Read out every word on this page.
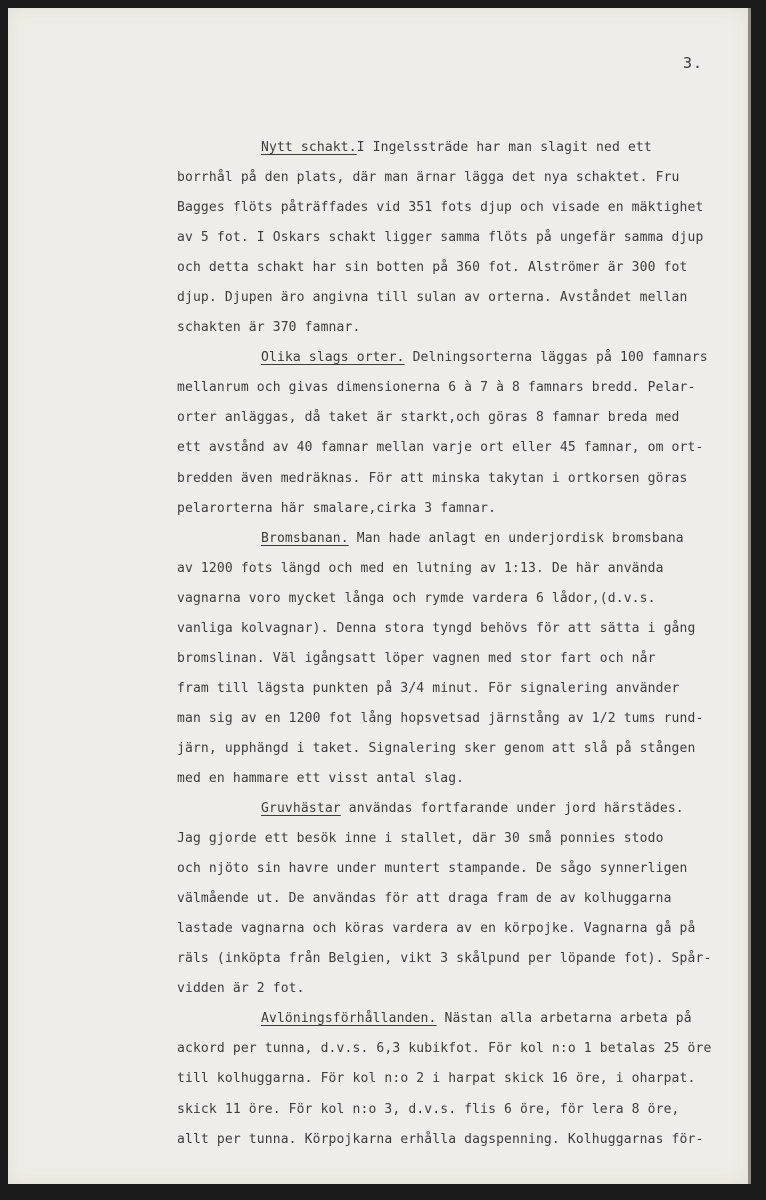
3.
Nytt schakt.I Ingelssträde har man slagit ned ett
borrhål på den plats, där man ärnar lägga det nya schaktet. Fru
Bagges flöts påträffades vid 351 fots djup och visade en mäktighet
av 5 fot. I Oskars schakt ligger samma flöts på ungefär samma djup
och detta schakt har sin botten på 360 fot. Alströmer är 300 fot
djup. Djupen äro angivna till sulan av orterna. Avståndet mellan
schakten är 370 famnar.
Olika slags orter. Delningsorterna läggas på 100 famnars
mellanrum och givas dimensionerna 6 à 7 à 8 famnars bredd. Pelar-
orter anläggas, då taket är starkt,och göras 8 famnar breda med
ett avstånd av 40 famnar mellan varje ort eller 45 famnar, om ort-
bredden även medräknas. För att minska takytan i ortkorsen göras
pelarorterna här smalare,cirka 3 famnar.
Bromsbanan. Man hade anlagt en underjordisk bromsbana
av 1200 fots längd och med en lutning av 1:13. De här använda
vagnarna voro mycket långa och rymde vardera 6 lådor,(d.v.s.
vanliga kolvagnar). Denna stora tyngd behövs för att sätta i gång
bromslinan. Väl igångsatt löper vagnen med stor fart och når
fram till lägsta punkten på 3/4 minut. För signalering använder
man sig av en 1200 fot lång hopsvetsad järnstång av 1/2 tums rund-
järn, upphängd i taket. Signalering sker genom att slå på stången
med en hammare ett visst antal slag.
Gruvhästar användas fortfarande under jord härstädes.
Jag gjorde ett besök inne i stallet, där 30 små ponnies stodo
och njöto sin havre under muntert stampande. De sågo synnerligen
välmående ut. De användas för att draga fram de av kolhuggarna
lastade vagnarna och köras vardera av en körpojke. Vagnarna gå på
räls (inköpta från Belgien, vikt 3 skålpund per löpande fot). Spår-
vidden är 2 fot.
Avlöningsförhållanden. Nästan alla arbetarna arbeta på
ackord per tunna, d.v.s. 6,3 kubikfot. För kol n:o 1 betalas 25 öre
till kolhuggarna. För kol n:o 2 i harpat skick 16 öre, i oharpat.
skick 11 öre. För kol n:o 3, d.v.s. flis 6 öre, för lera 8 öre,
allt per tunna. Körpojkarna erhålla dagspenning. Kolhuggarnas för-
